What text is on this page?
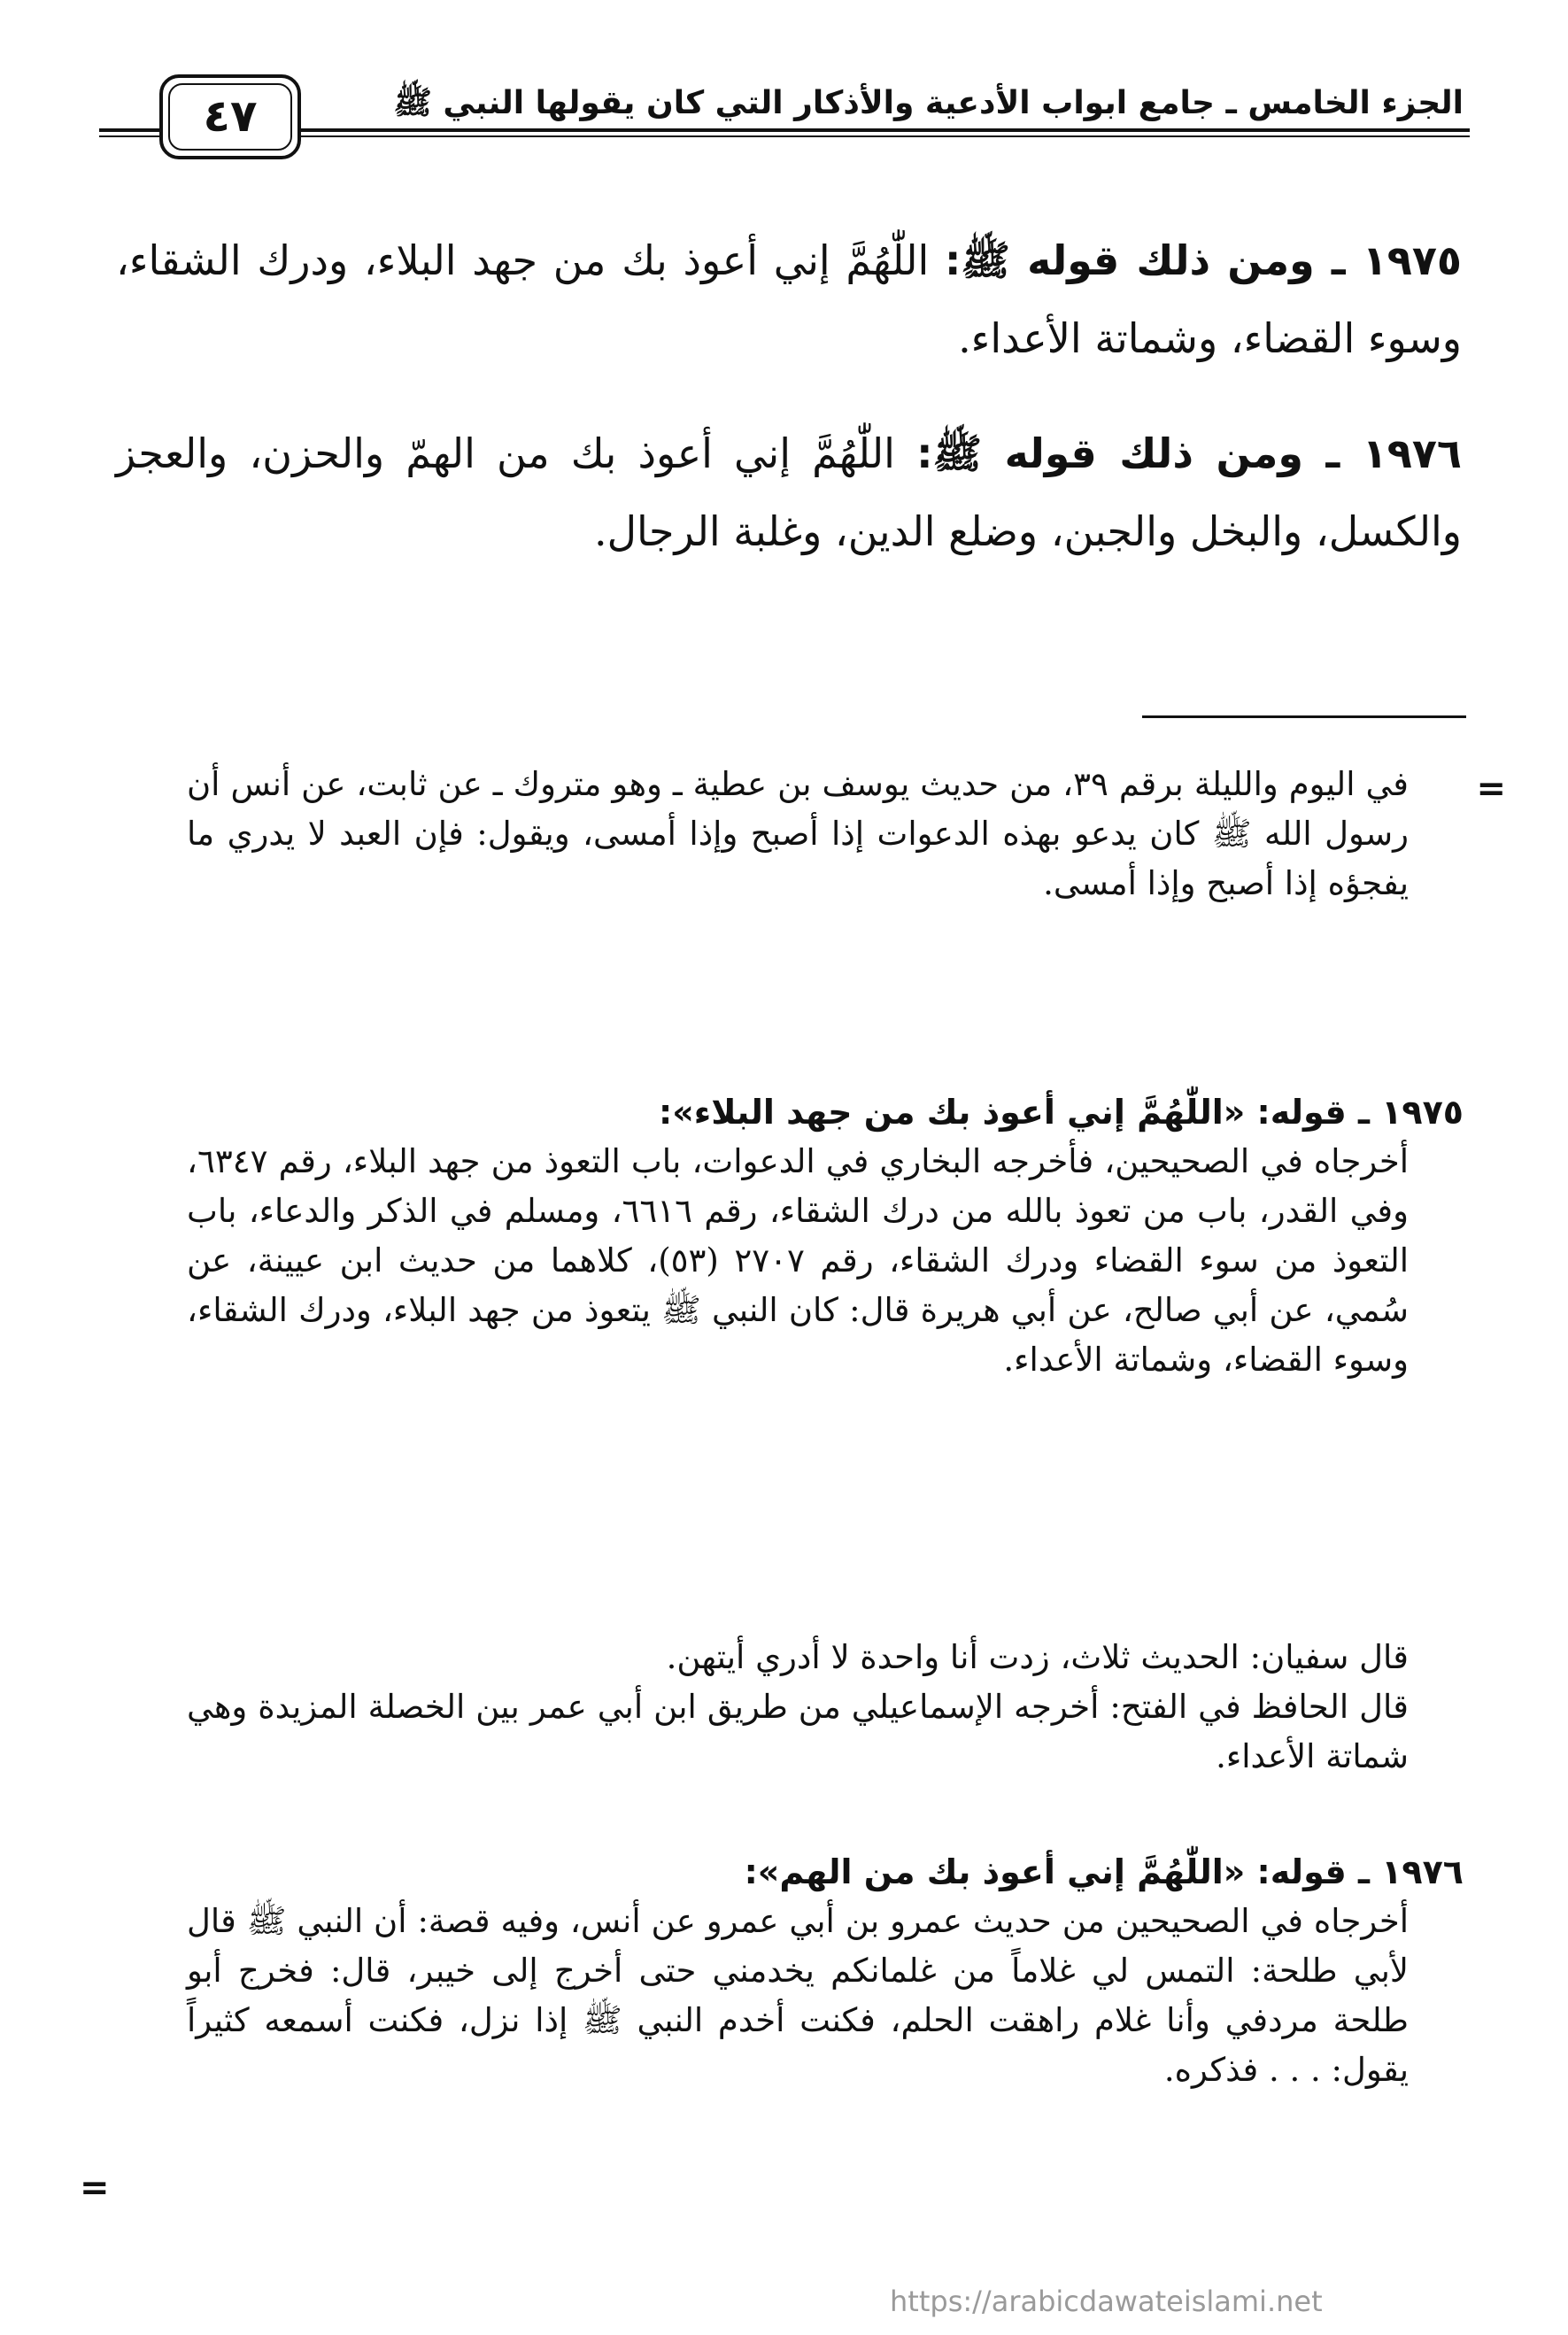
الجزء الخامس ـ جامع ابواب الأدعية والأذكار التي كان يقولها النبي ﷺ
٤٧
١٩٧٥ ـ ومن ذلك قوله ﷺ: اللّٰهُمَّ إني أعوذ بك من جهد البلاء، ودرك الشقاء، وسوء القضاء، وشماتة الأعداء.
١٩٧٦ ـ ومن ذلك قوله ﷺ: اللّٰهُمَّ إني أعوذ بك من الهمّ والحزن، والعجز والكسل، والبخل والجبن، وضلع الدين، وغلبة الرجال.
=
في اليوم والليلة برقم ٣٩، من حديث يوسف بن عطية ـ وهو متروك ـ عن ثابت، عن أنس أن رسول الله ﷺ كان يدعو بهذه الدعوات إذا أصبح وإذا أمسى، ويقول: فإن العبد لا يدري ما يفجؤه إذا أصبح وإذا أمسى.
١٩٧٥ ـ قوله: «اللّٰهُمَّ إني أعوذ بك من جهد البلاء»:
أخرجاه في الصحيحين، فأخرجه البخاري في الدعوات، باب التعوذ من جهد البلاء، رقم ٦٣٤٧، وفي القدر، باب من تعوذ بالله من درك الشقاء، رقم ٦٦١٦، ومسلم في الذكر والدعاء، باب التعوذ من سوء القضاء ودرك الشقاء، رقم ٢٧٠٧ (٥٣)، كلاهما من حديث ابن عيينة، عن سُمي، عن أبي صالح، عن أبي هريرة قال: كان النبي ﷺ يتعوذ من جهد البلاء، ودرك الشقاء، وسوء القضاء، وشماتة الأعداء.
قال سفيان: الحديث ثلاث، زدت أنا واحدة لا أدري أيتهن.
قال الحافظ في الفتح: أخرجه الإسماعيلي من طريق ابن أبي عمر بين الخصلة المزيدة وهي شماتة الأعداء.
١٩٧٦ ـ قوله: «اللّٰهُمَّ إني أعوذ بك من الهم»:
أخرجاه في الصحيحين من حديث عمرو بن أبي عمرو عن أنس، وفيه قصة: أن النبي ﷺ قال لأبي طلحة: التمس لي غلاماً من غلمانكم يخدمني حتى أخرج إلى خيبر، قال: فخرج أبو طلحة مردفي وأنا غلام راهقت الحلم، فكنت أخدم النبي ﷺ إذا نزل، فكنت أسمعه كثيراً يقول: . . . فذكره.
=
https://arabicdawateislami.net
